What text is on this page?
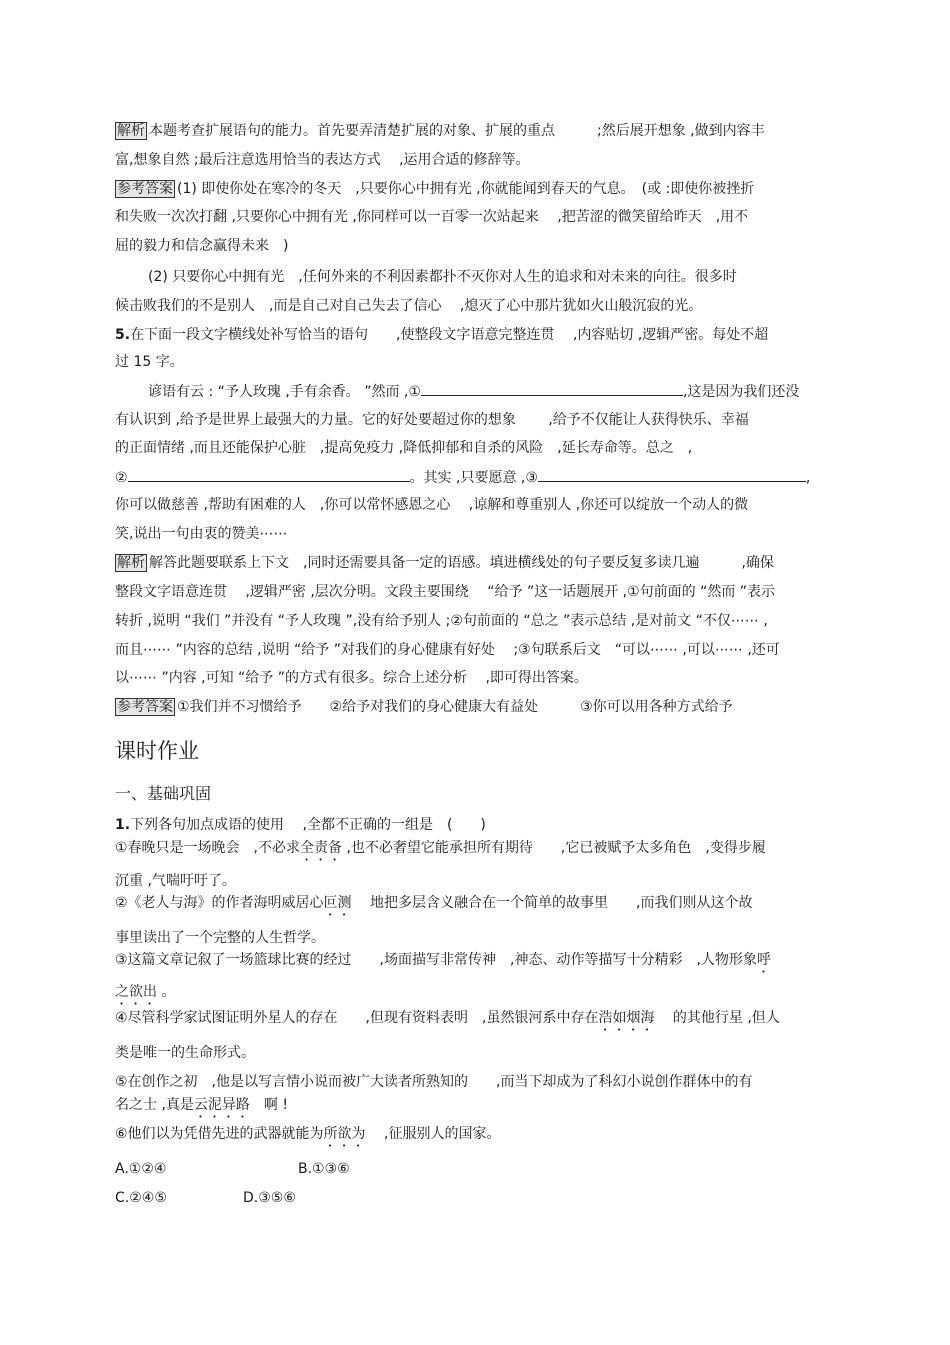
解析 本题考查扩展语句的能力。首先要弄清楚扩展的对象、扩展的重点　　　;然后展开想象 ,做到内容丰
富,想象自然 ;最后注意选用恰当的表达方式　 ,运用合适的修辞等。
参考答案 (1) 即使你处在寒冷的冬天　,只要你心中拥有光 ,你就能闻到春天的气息。　(或 :即使你被挫折
和失败一次次打翻 ,只要你心中拥有光 ,你同样可以一百零一次站起来　 ,把苦涩的微笑留给昨天　,用不
屈的毅力和信念赢得未来　)
(2) 只要你心中拥有光　,任何外来的不利因素都扑不灭你对人生的追求和对未来的向往。很多时
候击败我们的不是别人　,而是自己对自己失去了信心　 ,熄灭了心中那片犹如火山般沉寂的光。
5.在下面一段文字横线处补写恰当的语句　　,使整段文字语意完整连贯　 ,内容贴切 ,逻辑严密。每处不超
过 15 字。
谚语有云 : “予人玫瑰 ,手有余香。 ”然而 ,①	,这是因为我们还没
有认识到 ,给予是世界上最强大的力量。它的好处要超过你的想象　　 ,给予不仅能让人获得快乐、幸福
的正面情绪 ,而且还能保护心脏　,提高免疫力 ,降低抑郁和自杀的风险　,延长寿命等。总之　,
②	。其实 ,只要愿意 ,③	,
你可以做慈善 ,帮助有困难的人　,你可以常怀感恩之心　 ,谅解和尊重别人 ,你还可以绽放一个动人的微
笑,说出一句由衷的赞美⋯⋯
解析 解答此题要联系上下文　,同时还需要具备一定的语感。填进横线处的句子要反复多读几遍　　　,确保
整段文字语意连贯　 ,逻辑严密 ,层次分明。文段主要围绕　 “给予 ”这一话题展开 ,①句前面的 “然而 ”表示
转折 ,说明 “我们 ”并没有 “予人玫瑰 ”,没有给予别人 ;②句前面的 “总之 ”表示总结 ,是对前文 “不仅⋯⋯ ,
而且⋯⋯ ”内容的总结 ,说明 “给予 ”对我们的身心健康有好处　 ;③句联系后文　“可以⋯⋯ ,可以⋯⋯ ,还可
以⋯⋯ ”内容 ,可知 “给予 ”的方式有很多。综合上述分析　 ,即可得出答案。
参考答案 ①我们并不习惯给予　　②给予对我们的身心健康大有益处　　　③你可以用各种方式给予
课时作业
一、基础巩固
1.下列各句加点成语的使用　 ,全都不正确的一组是　(　　)
①春晚只是一场晚会　,不必求全责备 ,也不必奢望它能承担所有期待　　,它已被赋予太多角色　,变得步履
沉重 ,气喘吁吁了。
②《老人与海》的作者海明威居心叵测　 地把多层含义融合在一个简单的故事里　　,而我们则从这个故
事里读出了一个完整的人生哲学。
③这篇文章记叙了一场篮球比赛的经过　　,场面描写非常传神　,神态、动作等描写十分精彩　,人物形象呼
之欲出 。
④尽管科学家试图证明外星人的存在　　,但现有资料表明　,虽然银河系中存在浩如烟海　 的其他行星 ,但人
类是唯一的生命形式。
⑤在创作之初　,他是以写言情小说而被广大读者所熟知的　　,而当下却成为了科幻小说创作群体中的有
名之士 ,真是云泥异路　啊 !
⑥他们以为凭借先进的武器就能为所欲为　 ,征服别人的国家。
A.①②④	B.①③⑥
C.②④⑤	D.③⑤⑥
